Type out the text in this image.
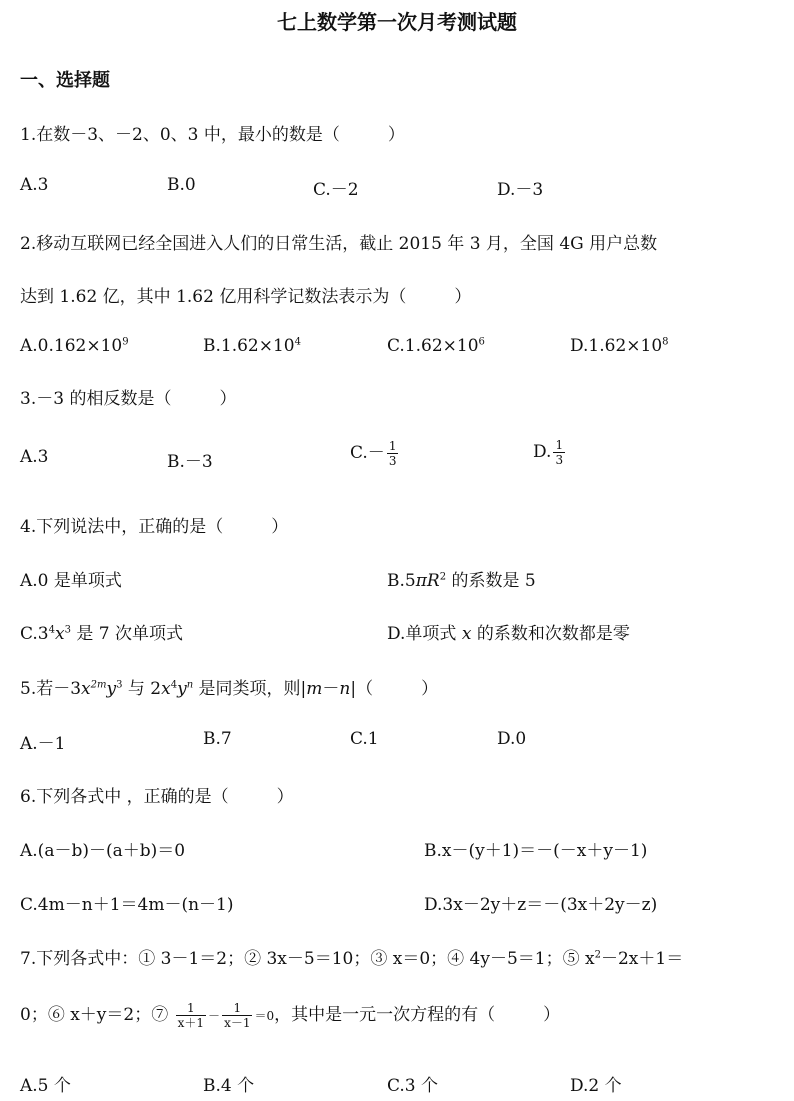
七上数学第一次月考测试题
一、选择题
1.在数－3、－2、0、3 中，最小的数是（	）
A.3	B.0	C.－2	D.－3
2.移动互联网已经全国进入人们的日常生活，截止 2015 年 3 月，全国 4G 用户总数
达到 1.62 亿，其中 1.62 亿用科学记数法表示为（	）
$A.0.162\times 10^9$	$B.1.62\times 10^4$	$C.1.62\times 10^6$	$D.1.62\times 10^8$
3.－3 的相反数是（	）
A.3	B.－3	$C.- \frac{1}{3}$	D. $\frac{1}{3}$
4.下列说法中，正确的是（	）
A.0 是单项式	$B.5\pi R^2$ 的系数是 5
$C.3^4x^3$ 是 7 次单项式	D.单项式 x 的系数和次数都是零
5.若$-3x^{2m}y^3$ 与 $2x^4y^n$ 是同类项，则|m－n|（	）
A.－1	B.7	C.1	D.0
6.下列各式中 ，正确的是（	）
A.(a－b)－(a＋b)＝0	B.x－(y＋1)＝－(－x＋y－1)
C.4m－n＋1＝4m－(n－1)	D.3x－2y＋z＝－(3x＋2y－z)
7.下列各式中：① 3－1＝2；② 3x－5＝10；③ x＝0；④ 4y－5＝1；⑤ $x^2-2x+1=$
0；⑥ x＋y＝2；⑦ $\frac{1}{x+1} - \frac{1}{x-1} =0$，其中是一元一次方程的有（	）
A.5 个	B.4 个	C.3 个	D.2 个
